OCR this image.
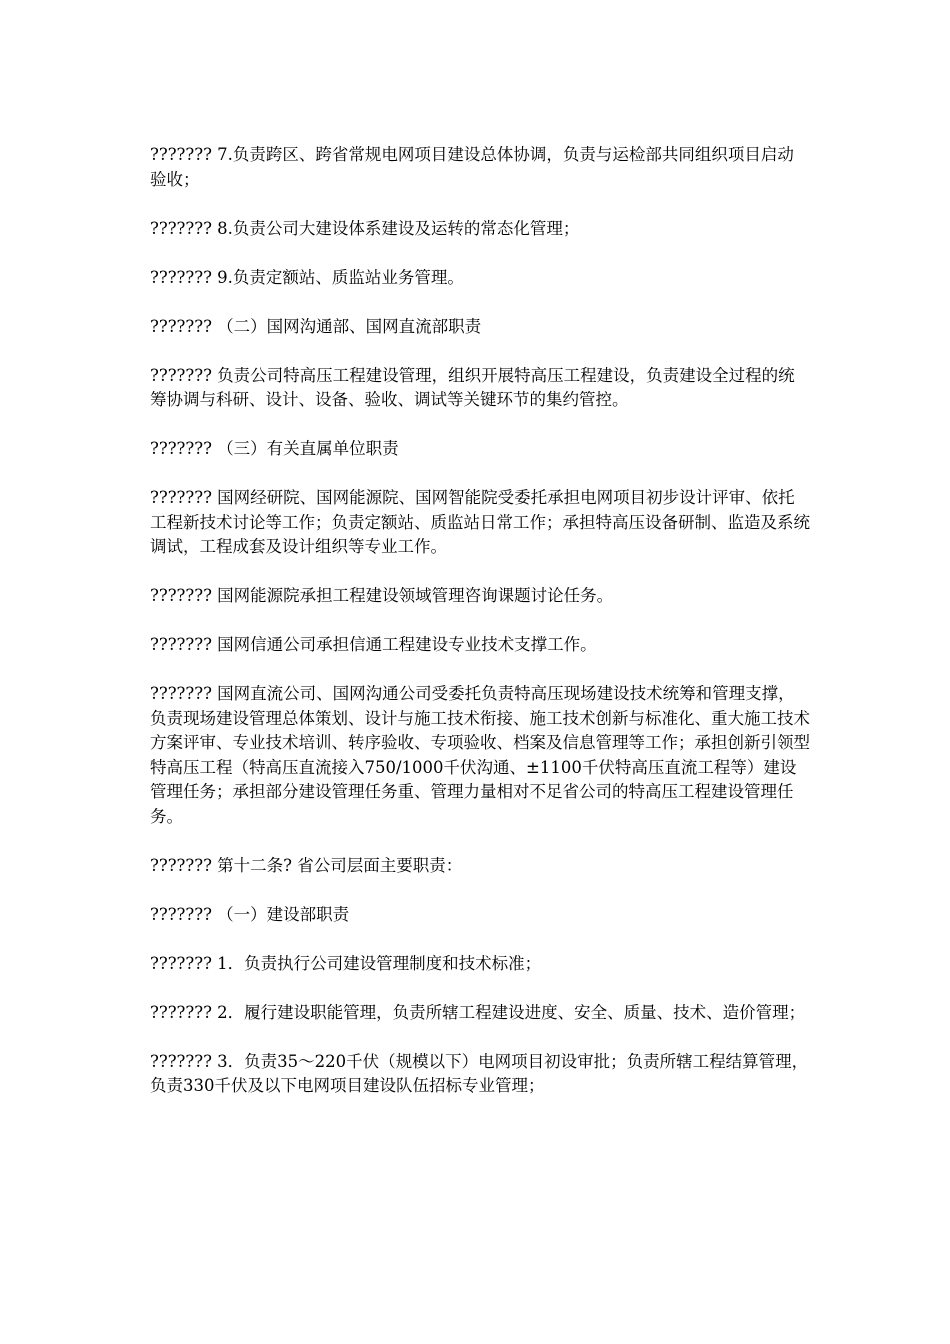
??????? 7.负责跨区、跨省常规电网项目建设总体协调，负责与运检部共同组织项目启动验收；

??????? 8.负责公司大建设体系建设及运转的常态化管理；

??????? 9.负责定额站、质监站业务管理。

??????? （二）国网沟通部、国网直流部职责

??????? 负责公司特高压工程建设管理，组织开展特高压工程建设，负责建设全过程的统筹协调与科研、设计、设备、验收、调试等关键环节的集约管控。

??????? （三）有关直属单位职责

??????? 国网经研院、国网能源院、国网智能院受委托承担电网项目初步设计评审、依托工程新技术讨论等工作；负责定额站、质监站日常工作；承担特高压设备研制、监造及系统调试，工程成套及设计组织等专业工作。

??????? 国网能源院承担工程建设领域管理咨询课题讨论任务。

??????? 国网信通公司承担信通工程建设专业技术支撑工作。

??????? 国网直流公司、国网沟通公司受委托负责特高压现场建设技术统筹和管理支撑，负责现场建设管理总体策划、设计与施工技术衔接、施工技术创新与标准化、重大施工技术方案评审、专业技术培训、转序验收、专项验收、档案及信息管理等工作；承担创新引领型特高压工程（特高压直流接入750/1000千伏沟通、±1100千伏特高压直流工程等）建设管理任务；承担部分建设管理任务重、管理力量相对不足省公司的特高压工程建设管理任务。

??????? 第十二条? 省公司层面主要职责：

??????? （一）建设部职责

??????? 1．负责执行公司建设管理制度和技术标准；

??????? 2．履行建设职能管理，负责所辖工程建设进度、安全、质量、技术、造价管理；

??????? 3．负责35～220千伏（规模以下）电网项目初设审批；负责所辖工程结算管理，负责330千伏及以下电网项目建设队伍招标专业管理；
